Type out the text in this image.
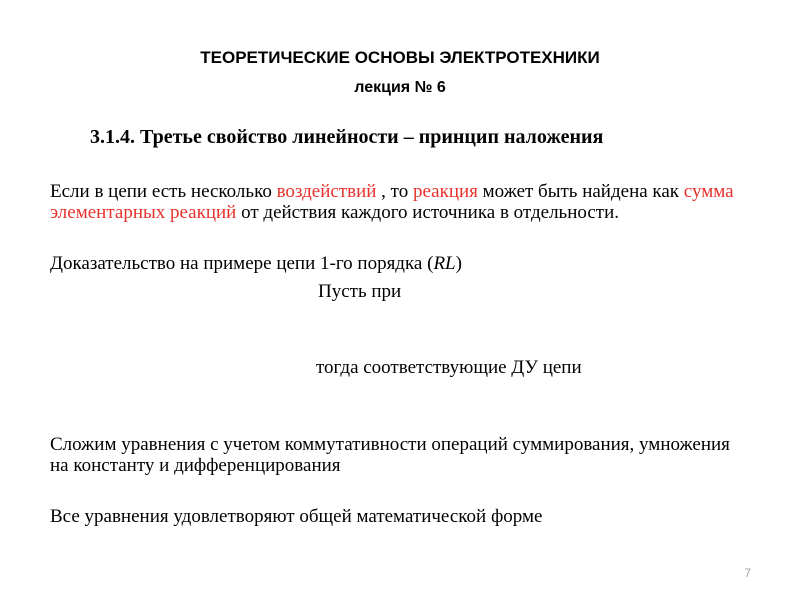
ТЕОРЕТИЧЕСКИЕ ОСНОВЫ ЭЛЕКТРОТЕХНИКИ
лекция № 6
3.1.4. Третье свойство линейности – принцип наложения
Если в цепи есть несколько воздействий , то реакция может быть найдена как сумма элементарных реакций от действия каждого источника в отдельности.
Доказательство на примере цепи 1-го порядка (RL)
Пусть при
тогда соответствующие ДУ цепи
Сложим уравнения с учетом коммутативности операций суммирования, умножения на константу и дифференцирования
Все уравнения удовлетворяют общей математической форме
7
